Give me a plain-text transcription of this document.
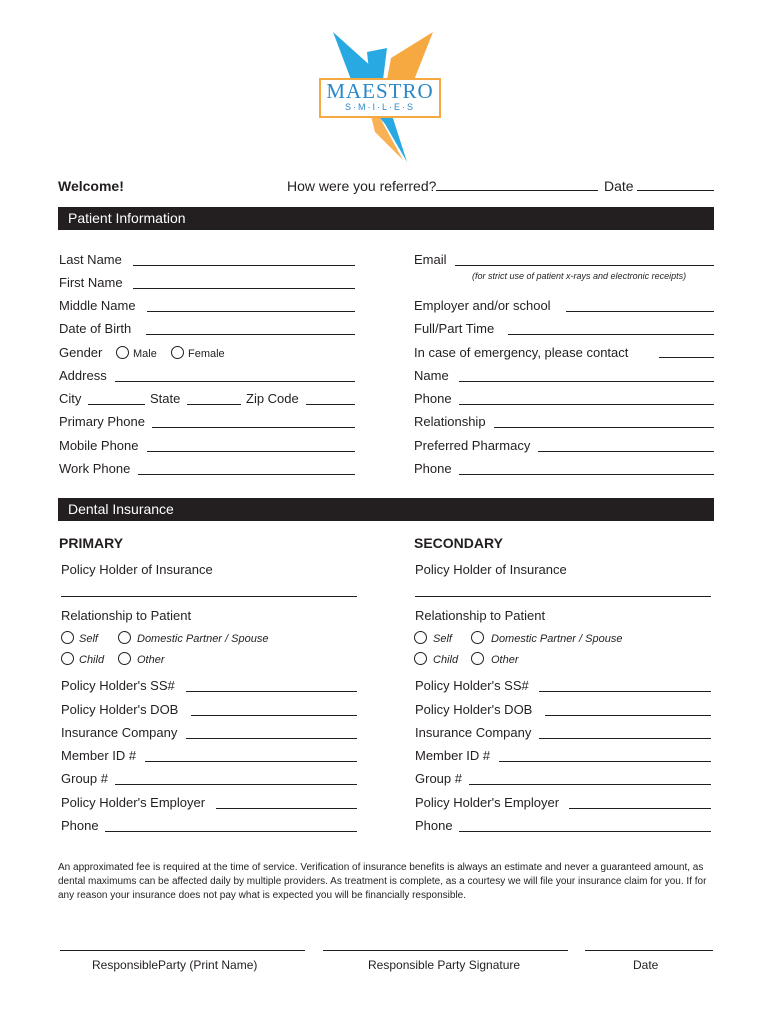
MAESTRO
S·M·I·L·E·S
Welcome!	How were you referred?	Date
Patient Information
Last Name
First Name
Middle Name
Date of Birth
Gender	Male	Female
Address
City	State	Zip Code
Primary Phone
Mobile Phone
Work Phone
Email
(for strict use of patient x-rays and electronic receipts)
Employer and/or school
Full/Part Time
In case of emergency, please contact
Name
Phone
Relationship
Preferred Pharmacy
Phone
Dental Insurance
PRIMARY
Policy Holder of Insurance
Relationship to Patient
Self	Domestic Partner / Spouse
Child	Other
Policy Holder's SS#
Policy Holder's DOB
Insurance Company
Member ID #
Group #
Policy Holder's Employer
Phone
SECONDARY
Policy Holder of Insurance
Relationship to Patient
Self	Domestic Partner / Spouse
Child	Other
Policy Holder's SS#
Policy Holder's DOB
Insurance Company
Member ID #
Group #
Policy Holder's Employer
Phone
An approximated fee is required at the time of service. Verification of insurance benefits is always an estimate and never a guaranteed amount, as dental maximums can be affected daily by multiple providers. As treatment is complete, as a courtesy we will file your insurance claim for you. If for any reason your insurance does not pay what is expected you will be financially responsible.
ResponsibleParty (Print Name)	Responsible Party Signature	Date
